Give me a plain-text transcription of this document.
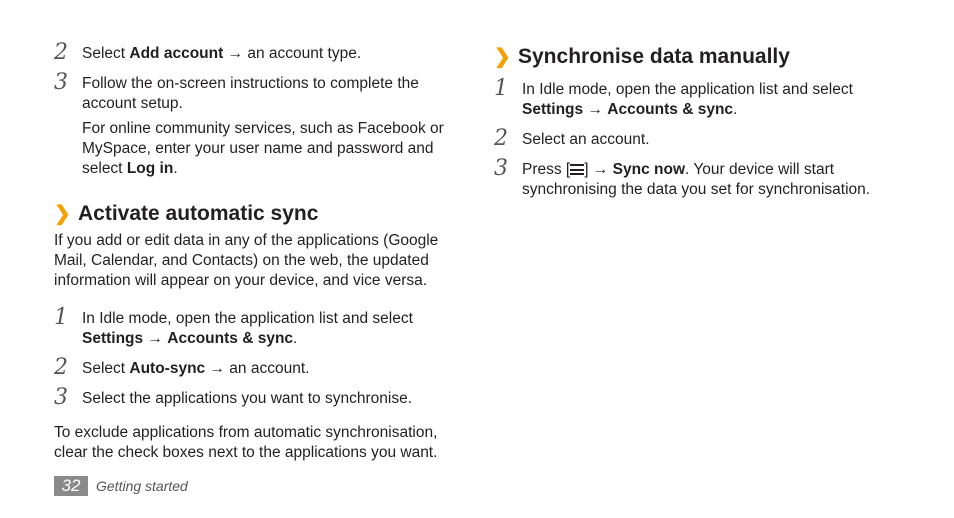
2 Select Add account → an account type.

3 Follow the on-screen instructions to complete the account setup.

For online community services, such as Facebook or MySpace, enter your user name and password and select Log in.

❯ Activate automatic sync

If you add or edit data in any of the applications (Google Mail, Calendar, and Contacts) on the web, the updated information will appear on your device, and vice versa.

1 In Idle mode, open the application list and select Settings → Accounts & sync.

2 Select Auto-sync → an account.

3 Select the applications you want to synchronise.

To exclude applications from automatic synchronisation, clear the check boxes next to the applications you want.

❯ Synchronise data manually
1 In Idle mode, open the application list and select Settings → Accounts & sync.

2 Select an account.

3 Press [ ] → Sync now. Your device will start synchronising the data you set for synchronisation.

32	Getting started
